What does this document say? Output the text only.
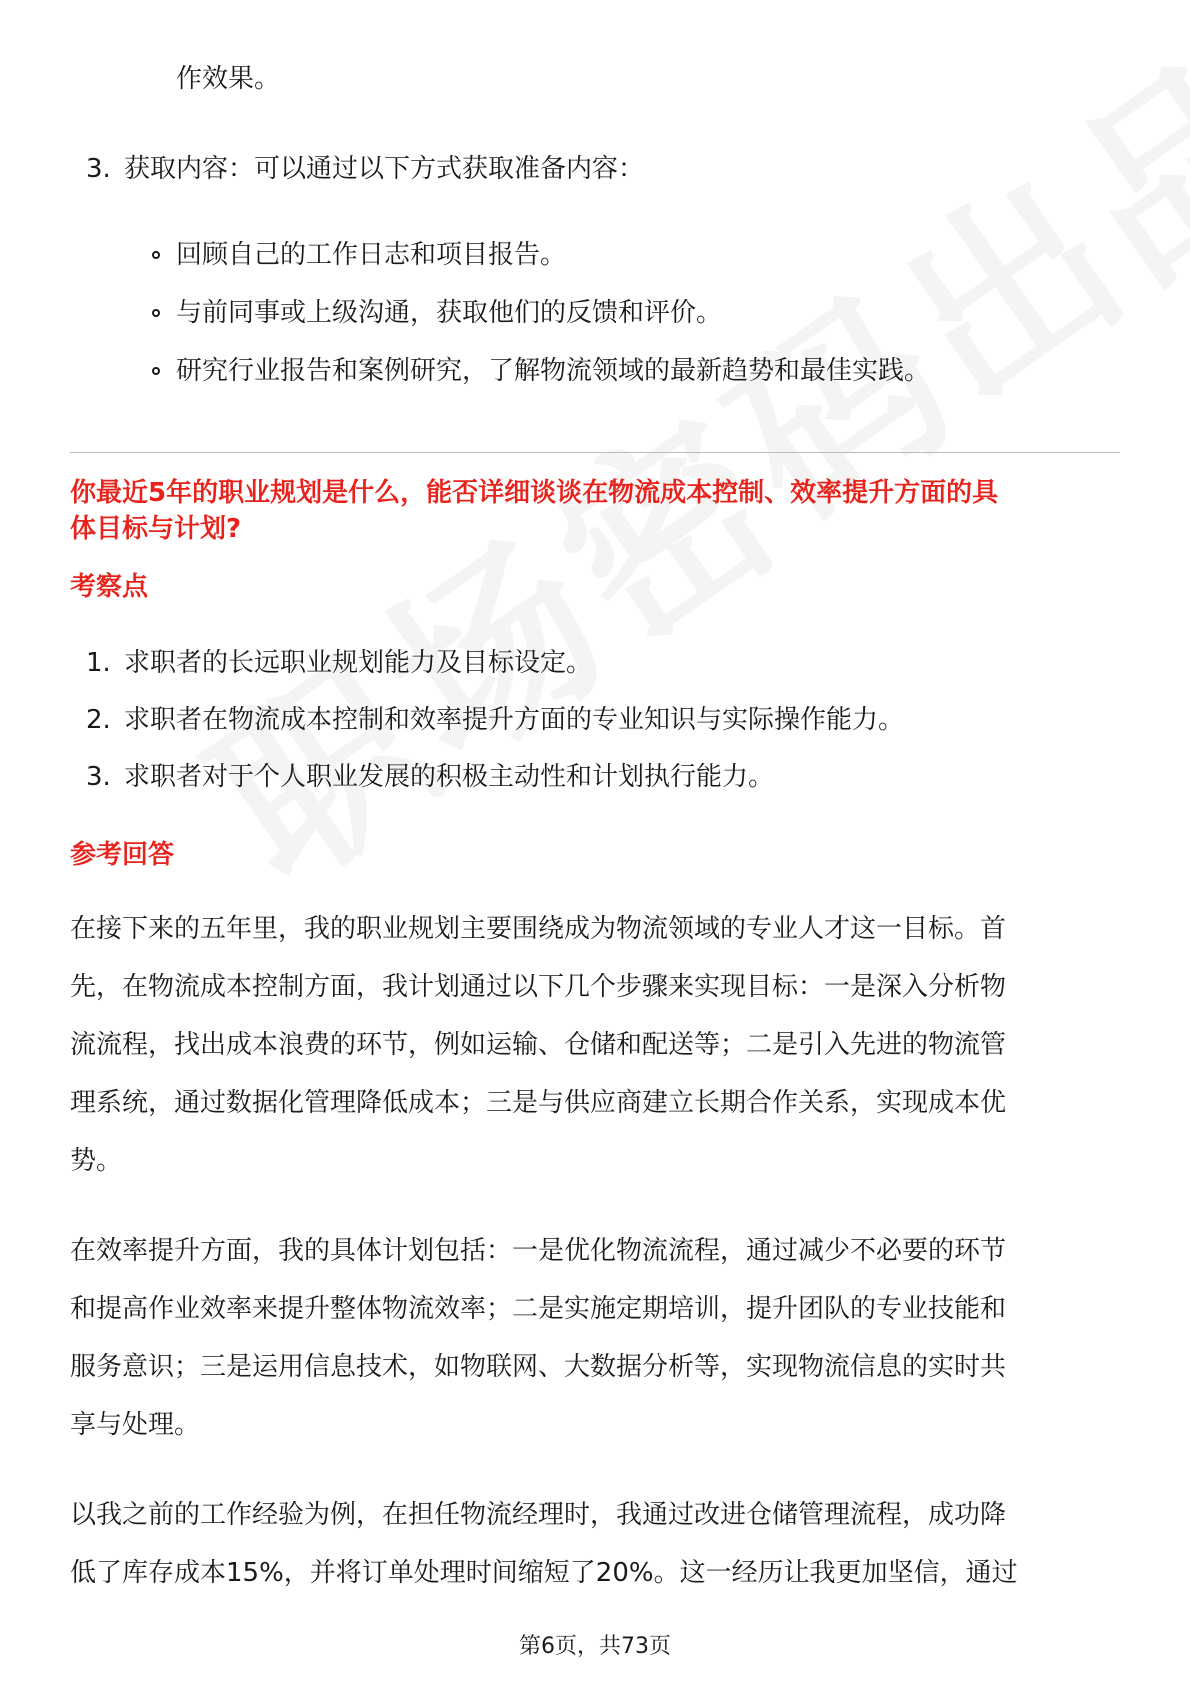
作效果。
3. 获取内容：可以通过以下方式获取准备内容：
回顾自己的工作日志和项目报告。
与前同事或上级沟通，获取他们的反馈和评价。
研究行业报告和案例研究，了解物流领域的最新趋势和最佳实践。
你最近5年的职业规划是什么，能否详细谈谈在物流成本控制、效率提升方面的具
体目标与计划?
考察点
1. 求职者的长远职业规划能力及目标设定。
2. 求职者在物流成本控制和效率提升方面的专业知识与实际操作能力。
3. 求职者对于个人职业发展的积极主动性和计划执行能力。
参考回答
在接下来的五年里，我的职业规划主要围绕成为物流领域的专业人才这一目标。首
先，在物流成本控制方面，我计划通过以下几个步骤来实现目标：一是深入分析物
流流程，找出成本浪费的环节，例如运输、仓储和配送等；二是引入先进的物流管
理系统，通过数据化管理降低成本；三是与供应商建立长期合作关系，实现成本优
势。
在效率提升方面，我的具体计划包括：一是优化物流流程，通过减少不必要的环节
和提高作业效率来提升整体物流效率；二是实施定期培训，提升团队的专业技能和
服务意识；三是运用信息技术，如物联网、大数据分析等，实现物流信息的实时共
享与处理。
以我之前的工作经验为例，在担任物流经理时，我通过改进仓储管理流程，成功降
低了库存成本15%，并将订单处理时间缩短了20%。这一经历让我更加坚信，通过
第6页，共73页
